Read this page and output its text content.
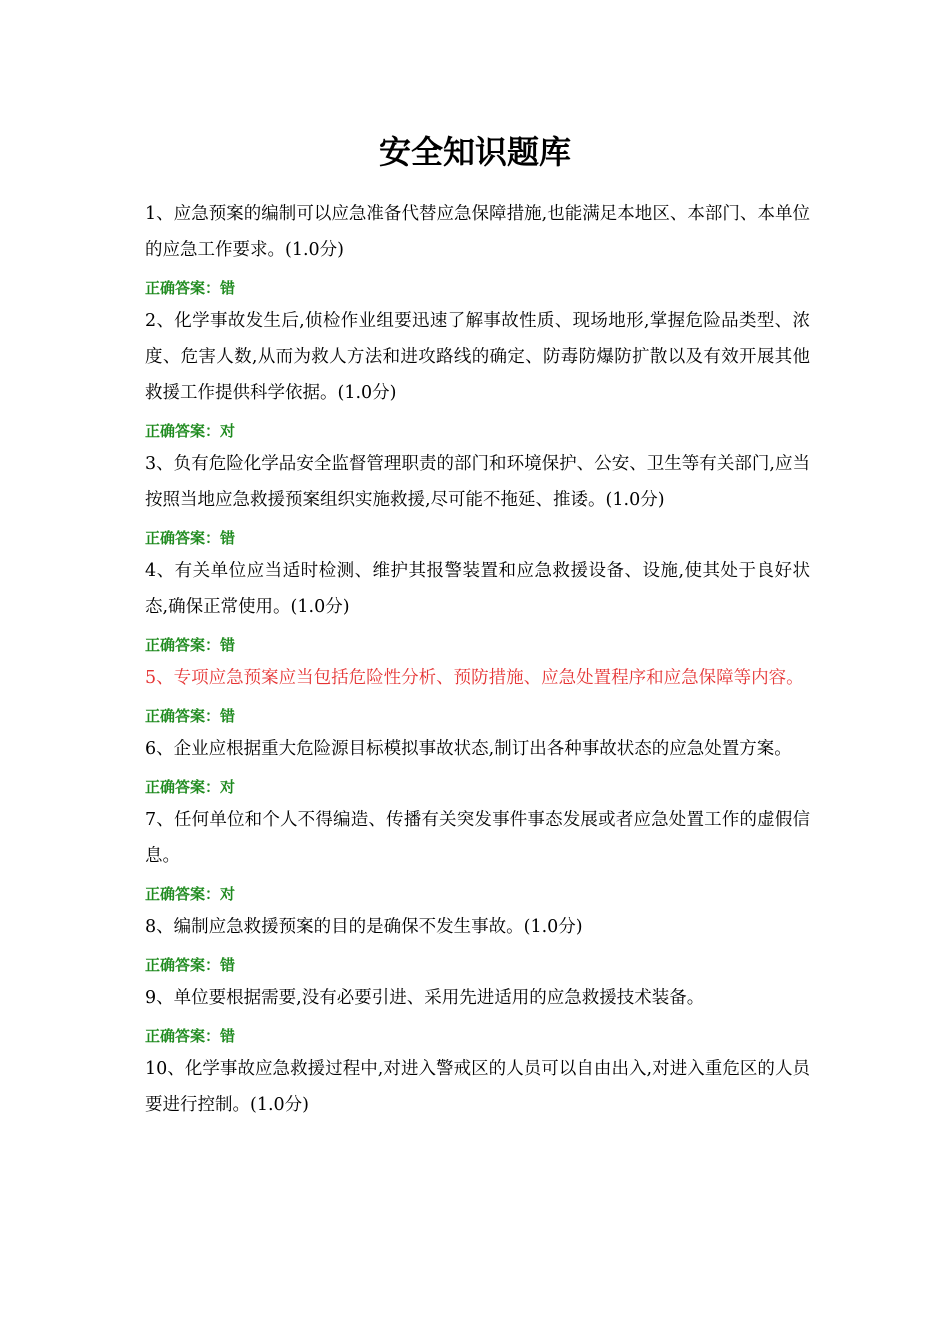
安全知识题库

1、应急预案的编制可以应急准备代替应急保障措施,也能满足本地区、本部门、本单位的应急工作要求。(1.0分)

正确答案：错

2、化学事故发生后,侦检作业组要迅速了解事故性质、现场地形,掌握危险品类型、浓度、危害人数,从而为救人方法和进攻路线的确定、防毒防爆防扩散以及有效开展其他救援工作提供科学依据。(1.0分)

正确答案：对

3、负有危险化学品安全监督管理职责的部门和环境保护、公安、卫生等有关部门,应当按照当地应急救援预案组织实施救援,尽可能不拖延、推诿。(1.0分)

正确答案：错

4、有关单位应当适时检测、维护其报警装置和应急救援设备、设施,使其处于良好状态,确保正常使用。(1.0分)

正确答案：错

5、专项应急预案应当包括危险性分析、预防措施、应急处置程序和应急保障等内容。

正确答案：错

6、企业应根据重大危险源目标模拟事故状态,制订出各种事故状态的应急处置方案。

正确答案：对

7、任何单位和个人不得编造、传播有关突发事件事态发展或者应急处置工作的虚假信息。

正确答案：对

8、编制应急救援预案的目的是确保不发生事故。(1.0分)

正确答案：错

9、单位要根据需要,没有必要引进、采用先进适用的应急救援技术装备。

正确答案：错

10、化学事故应急救援过程中,对进入警戒区的人员可以自由出入,对进入重危区的人员要进行控制。(1.0分)
